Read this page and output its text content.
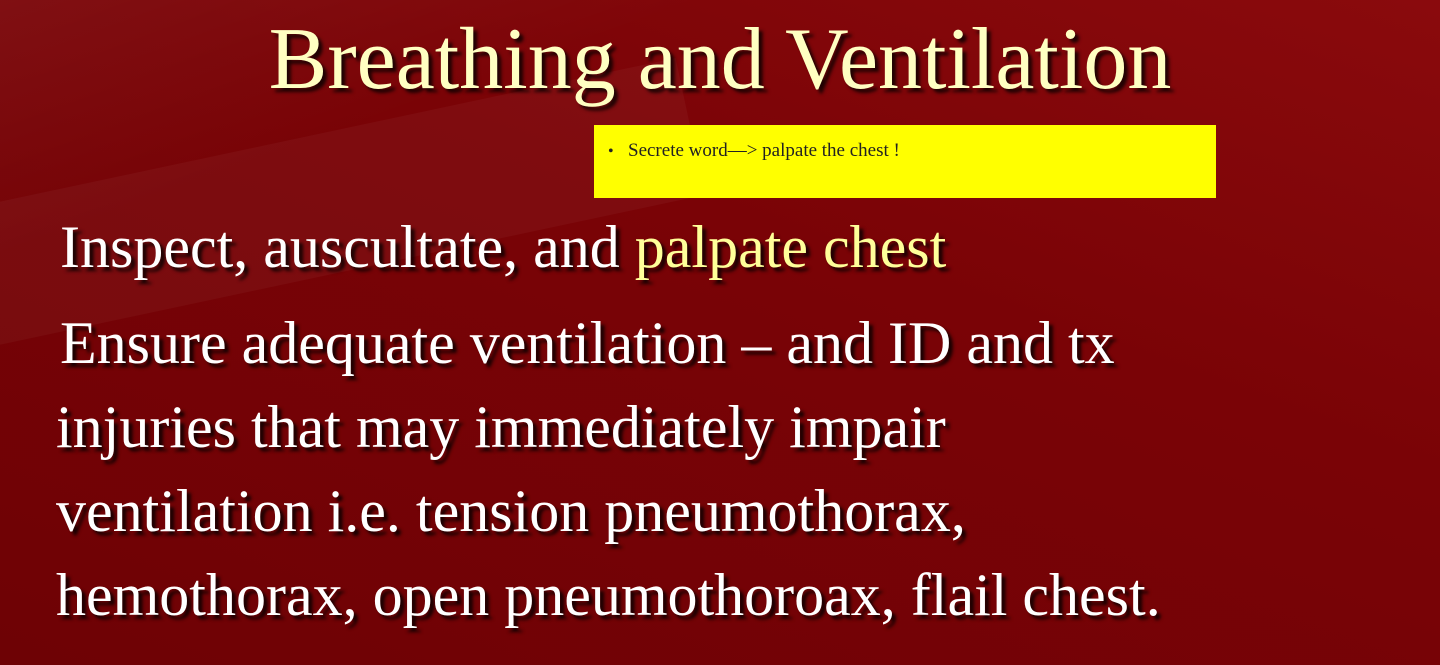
Breathing and Ventilation
• Secrete word—> palpate the chest !
Inspect, auscultate, and palpate chest
Ensure adequate ventilation – and ID and tx
injuries that may immediately impair
ventilation i.e. tension pneumothorax,
hemothorax, open pneumothoroax, flail chest.
